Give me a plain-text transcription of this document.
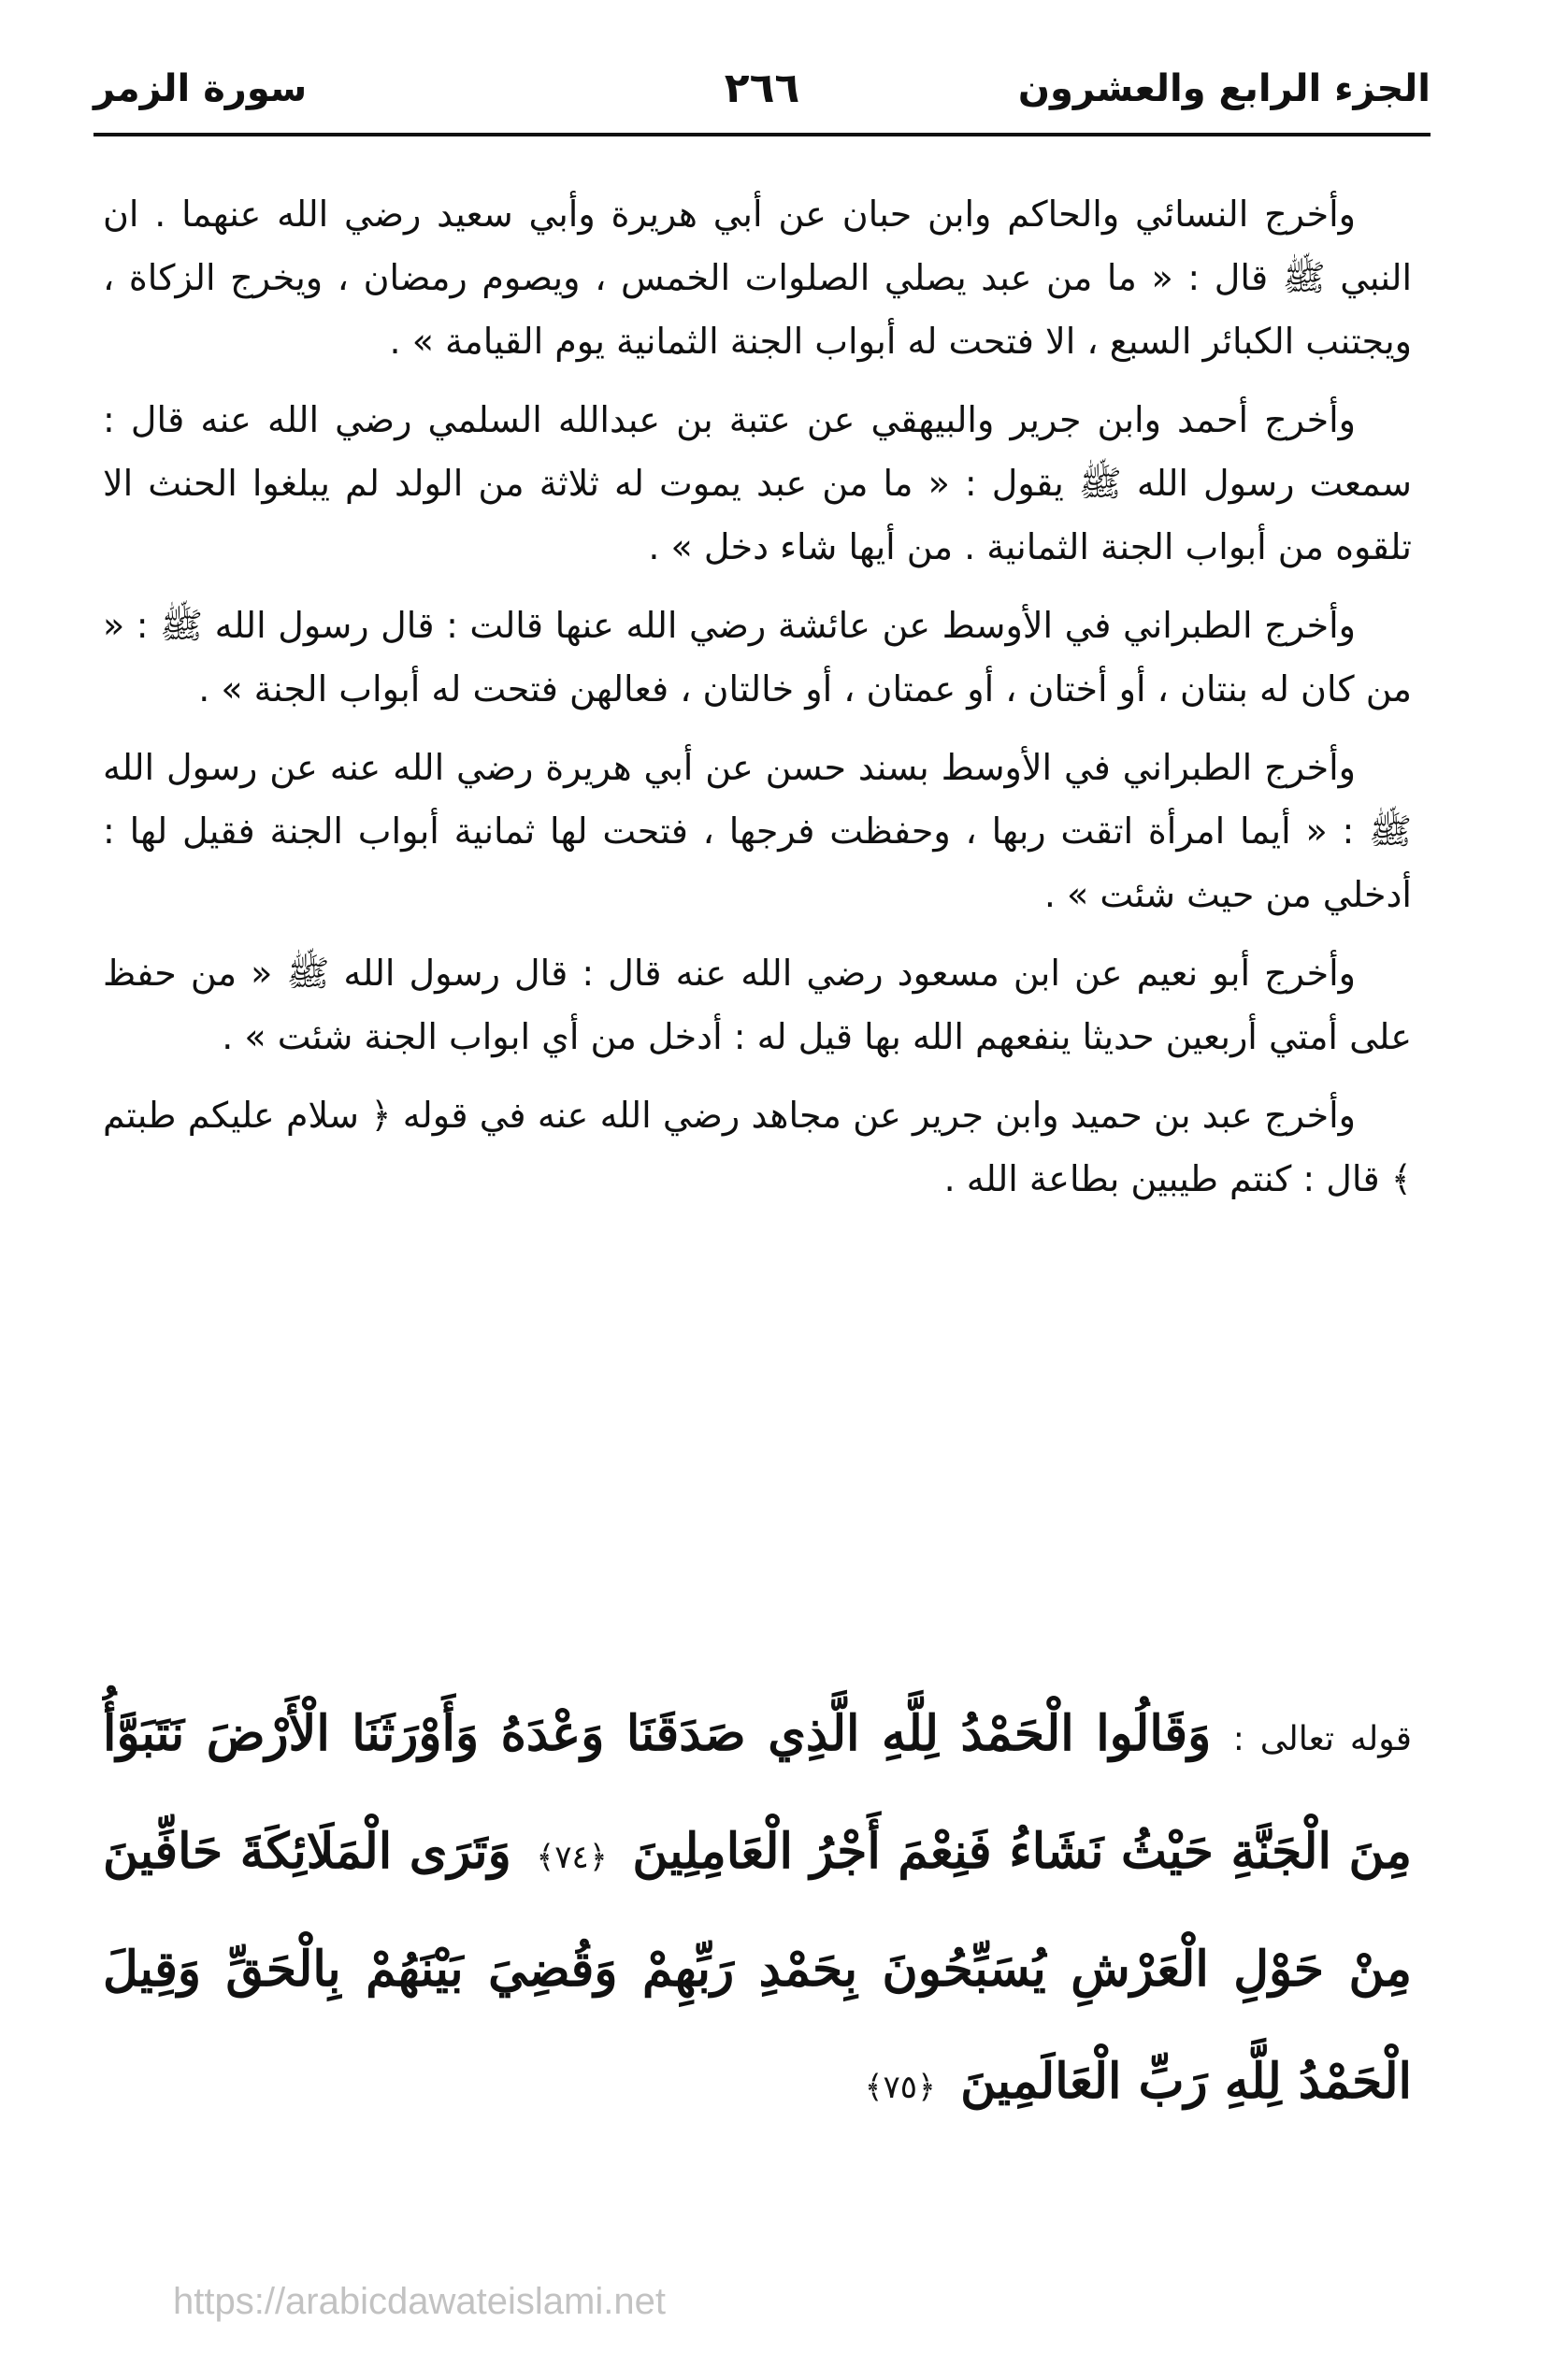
الجزء الرابع والعشرون
٢٦٦
سورة الزمر

وأخرج النسائي والحاكم وابن حبان عن أبي هريرة وأبي سعيد رضي الله عنهما . ان النبي ﷺ قال : « ما من عبد يصلي الصلوات الخمس ، ويصوم رمضان ، ويخرج الزكاة ، ويجتنب الكبائر السبع ، الا فتحت له أبواب الجنة الثمانية يوم القيامة » .

وأخرج أحمد وابن جرير والبيهقي عن عتبة بن عبدالله السلمي رضي الله عنه قال : سمعت رسول الله ﷺ يقول : « ما من عبد يموت له ثلاثة من الولد لم يبلغوا الحنث الا تلقوه من أبواب الجنة الثمانية . من أيها شاء دخل » .

وأخرج الطبراني في الأوسط عن عائشة رضي الله عنها قالت : قال رسول الله ﷺ : « من كان له بنتان ، أو أختان ، أو عمتان ، أو خالتان ، فعالهن فتحت له أبواب الجنة » .

وأخرج الطبراني في الأوسط بسند حسن عن أبي هريرة رضي الله عنه عن رسول الله ﷺ : « أيما امرأة اتقت ربها ، وحفظت فرجها ، فتحت لها ثمانية أبواب الجنة فقيل لها : أدخلي من حيث شئت » .

وأخرج أبو نعيم عن ابن مسعود رضي الله عنه قال : قال رسول الله ﷺ « من حفظ على أمتي أربعين حديثا ينفعهم الله بها قيل له : أدخل من أي ابواب الجنة شئت » .

وأخرج عبد بن حميد وابن جرير عن مجاهد رضي الله عنه في قوله ﴿ سلام عليكم طبتم ﴾ قال : كنتم طيبين بطاعة الله .

قوله تعالى : وَقَالُوا الْحَمْدُ لِلَّهِ الَّذِي صَدَقَنَا وَعْدَهُ وَأَوْرَثَنَا الْأَرْضَ نَتَبَوَّأُ مِنَ الْجَنَّةِ حَيْثُ نَشَاءُ فَنِعْمَ أَجْرُ الْعَامِلِينَ ﴿٧٤﴾ وَتَرَى الْمَلَائِكَةَ حَافِّينَ مِنْ حَوْلِ الْعَرْشِ يُسَبِّحُونَ بِحَمْدِ رَبِّهِمْ وَقُضِيَ بَيْنَهُمْ بِالْحَقِّ وَقِيلَ الْحَمْدُ لِلَّهِ رَبِّ الْعَالَمِينَ ﴿٧٥﴾
https://arabicdawateislami.net
